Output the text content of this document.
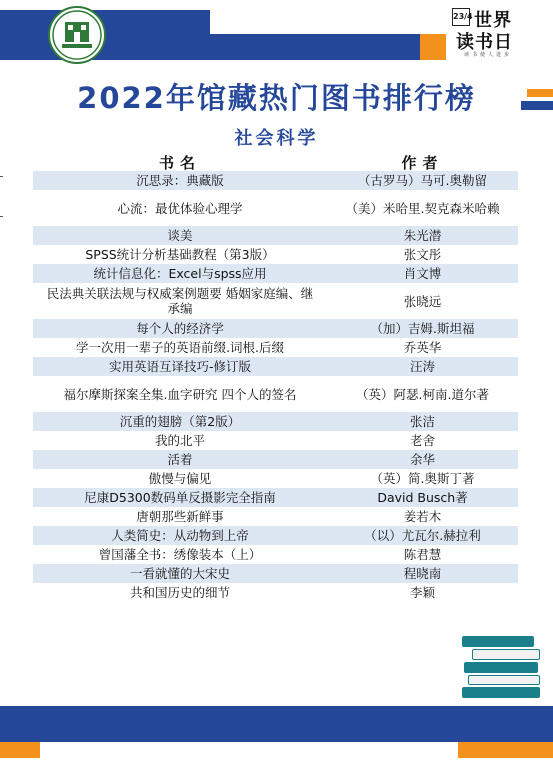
23/4 世界
读书日
读书使人进步
2022年馆藏热门图书排行榜
社会科学
书名	作者
沉思录：典藏版	（古罗马）马可.奥勒留
心流：最优体验心理学	（美）米哈里.契克森米哈赖
谈美	朱光潜
SPSS统计分析基础教程（第3版）	张文彤
统计信息化：Excel与spss应用	肖文博
民法典关联法规与权威案例题要 婚姻家庭编、继承编	张晓远
每个人的经济学	（加）吉姆.斯坦福
学一次用一辈子的英语前缀.词根.后缀	乔英华
实用英语互译技巧-修订版	汪涛
福尔摩斯探案全集.血字研究 四个人的签名	（英）阿瑟.柯南.道尔著
沉重的翅膀（第2版）	张洁
我的北平	老舍
活着	余华
傲慢与偏见	（英）简.奥斯丁著
尼康D5300数码单反摄影完全指南	David Busch著
唐朝那些新鲜事	姜若木
人类简史：从动物到上帝	（以）尤瓦尔.赫拉利
曾国藩全书：绣像装本（上）	陈君慧
一看就懂的大宋史	程晓南
共和国历史的细节	李颖
